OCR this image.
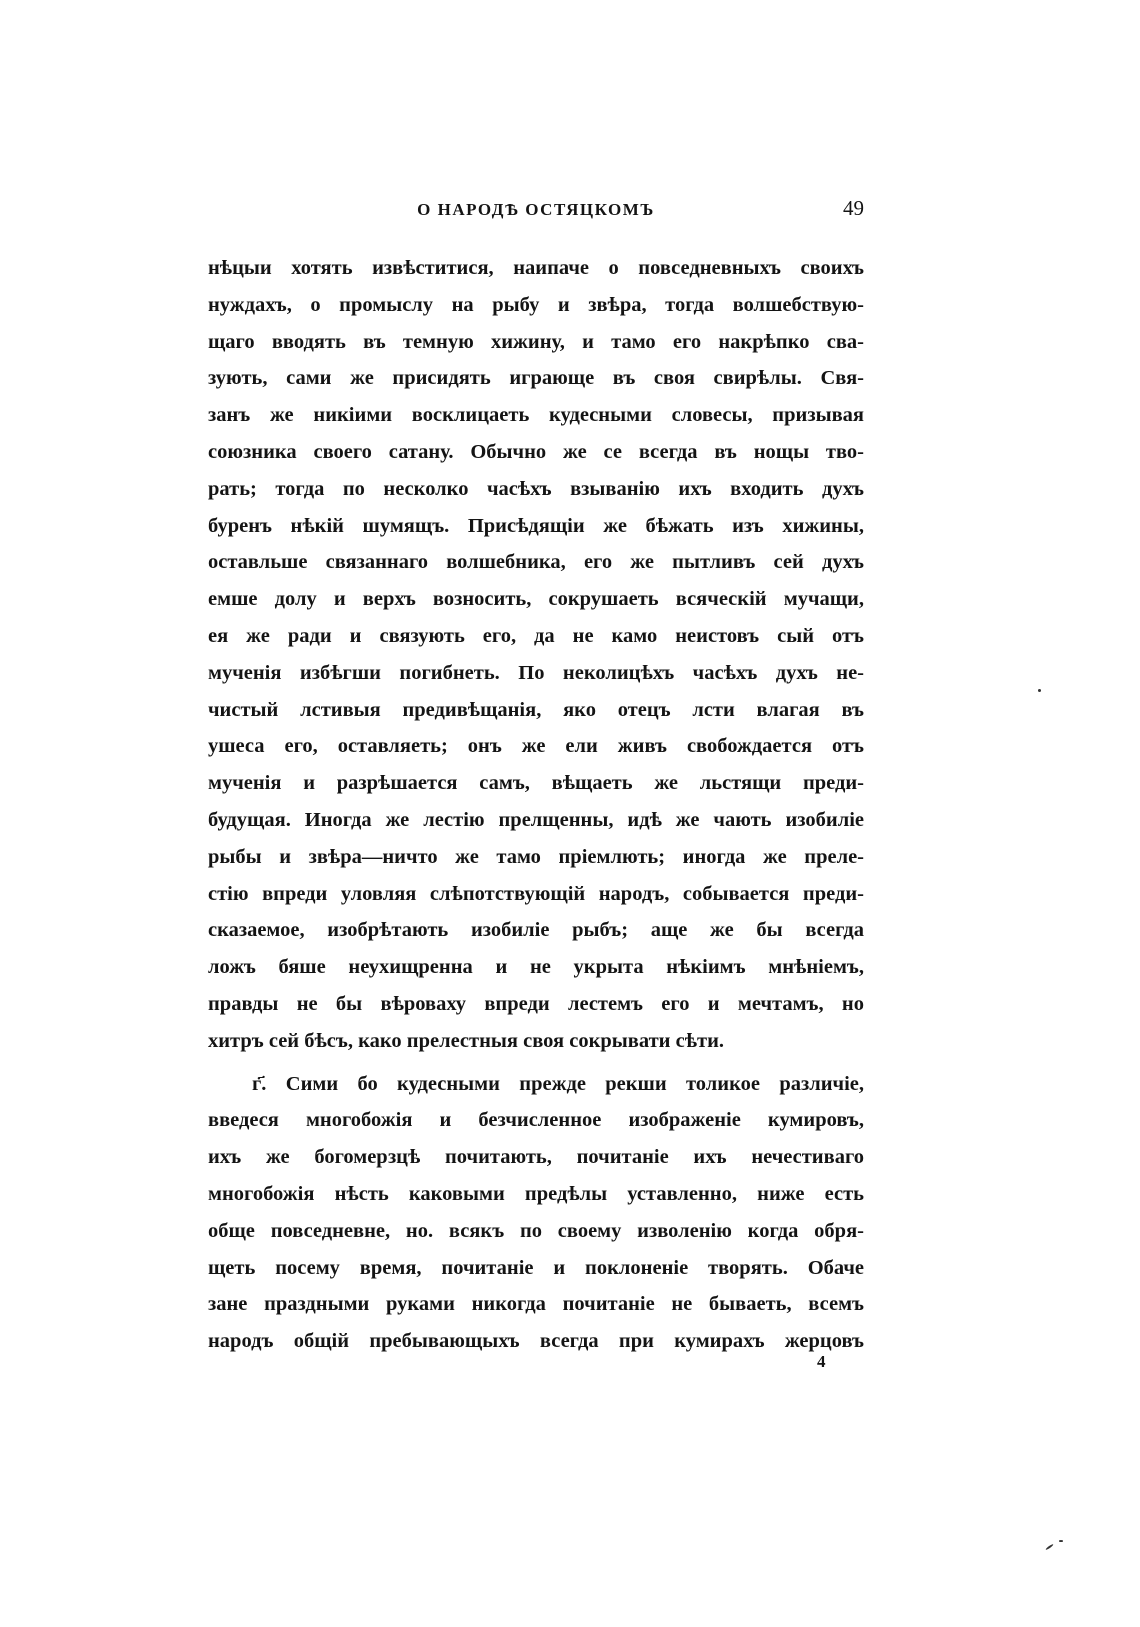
О НАРОДѢ ОСТЯЦКОМЪ	49
нѣцыи хотять извѣститися, наипаче о повседневныхъ своихъ
нуждахъ, о промыслу на рыбу и звѣра, тогда волшебствую-
щаго вводять въ темную хижину, и тамо его накрѣпко сва-
зують, сами же присидять играюще въ своя свирѣлы. Свя-
занъ же никіими восклицаеть кудесными словесы, призывая
союзника своего сатану. Обычно же се всегда въ нощы тво-
рать; тогда по несколко часѣхъ взыванію ихъ входить духъ
буренъ нѣкій шумящъ. Присѣдящіи же бѣжать изъ хижины,
оставльше связаннаго волшебника, его же пытливъ сей духъ
емше долу и верхъ возносить, сокрушаеть всяческій мучащи,
ея же ради и связують его, да не камо неистовъ сый отъ
мученія избѣгши погибнеть. По неколицѣхъ часѣхъ духъ не-
чистый лстивыя предивѣщанія, яко отецъ лсти влагая въ
ушеса его, оставляеть; онъ же ели живъ свобождается отъ
мученія и разрѣшается самъ, вѣщаеть же льстящи преди-
будущая. Иногда же лестію прелщенны, идѣ же чають изобиліе
рыбы и звѣра—ничто же тамо пріемлють; иногда же преле-
стію впреди уловляя слѣпотствующій народъ, собывается преди-
сказаемое, изобрѣтають изобиліе рыбъ; аще же бы всегда
ложъ бяше неухищренна и не укрыта нѣкіимъ мнѣніемъ,
правды не бы вѣроваху впреди лестемъ его и мечтамъ, но
хитръ сей бѣсъ, како прелестныя своя сокрывати сѣти.
г҃. Сими бо кудесными прежде рекши толикое различіе,
введеся многобожія и безчисленное изображеніе кумировъ,
ихъ же богомерзцѣ почитають, почитаніе ихъ нечестиваго
многобожія нѣсть каковыми предѣлы уставленно, ниже есть
обще повседневне, но. всякъ по своему изволенію когда обря-
щеть посему время, почитаніе и поклоненіе творять. Обаче
зане праздными руками никогда почитаніе не бываеть, всемъ
народъ общій пребывающыхъ всегда при кумирахъ жерцовъ
4
